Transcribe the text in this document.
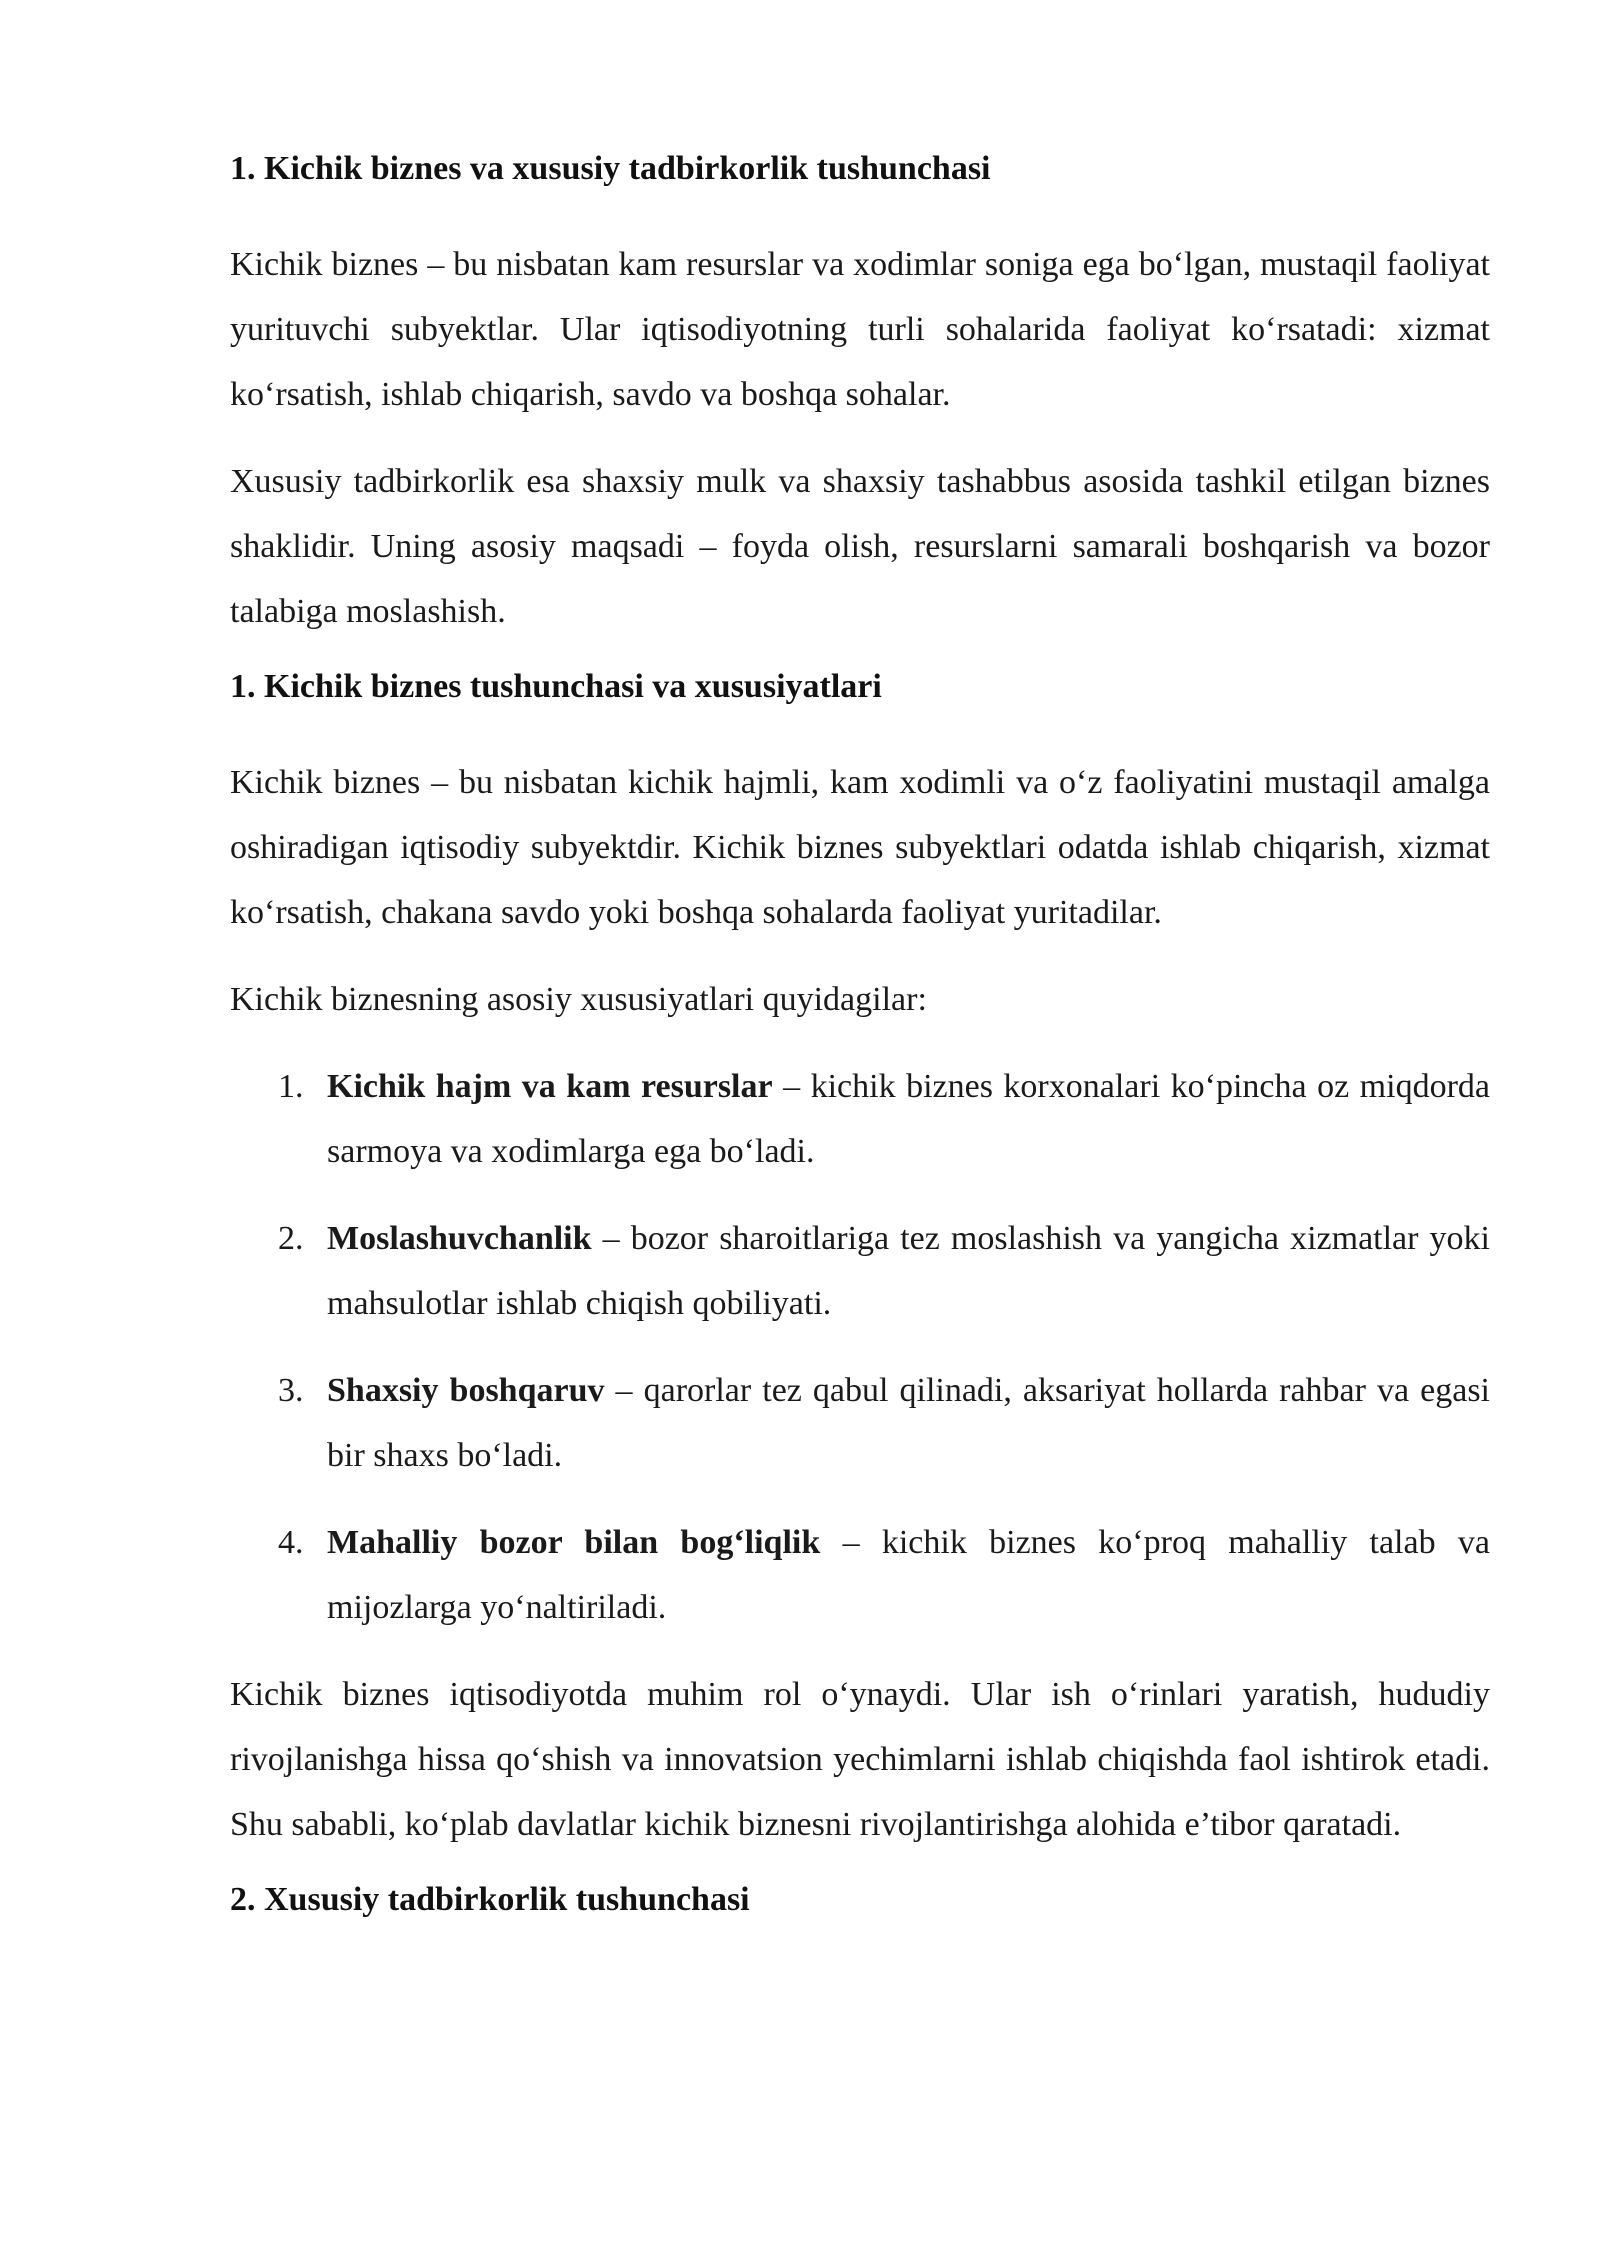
1. Kichik biznes va xususiy tadbirkorlik tushunchasi

Kichik biznes – bu nisbatan kam resurslar va xodimlar soniga ega bo‘lgan, mustaqil faoliyat yurituvchi subyektlar. Ular iqtisodiyotning turli sohalarida faoliyat ko‘rsatadi: xizmat ko‘rsatish, ishlab chiqarish, savdo va boshqa sohalar.

Xususiy tadbirkorlik esa shaxsiy mulk va shaxsiy tashabbus asosida tashkil etilgan biznes shaklidir. Uning asosiy maqsadi – foyda olish, resurslarni samarali boshqarish va bozor talabiga moslashish.

1. Kichik biznes tushunchasi va xususiyatlari

Kichik biznes – bu nisbatan kichik hajmli, kam xodimli va o‘z faoliyatini mustaqil amalga oshiradigan iqtisodiy subyektdir. Kichik biznes subyektlari odatda ishlab chiqarish, xizmat ko‘rsatish, chakana savdo yoki boshqa sohalarda faoliyat yuritadilar.

Kichik biznesning asosiy xususiyatlari quyidagilar:

1. Kichik hajm va kam resurslar – kichik biznes korxonalari ko‘pincha oz miqdorda sarmoya va xodimlarga ega bo‘ladi.
2. Moslashuvchanlik – bozor sharoitlariga tez moslashish va yangicha xizmatlar yoki mahsulotlar ishlab chiqish qobiliyati.
3. Shaxsiy boshqaruv – qarorlar tez qabul qilinadi, aksariyat hollarda rahbar va egasi bir shaxs bo‘ladi.
4. Mahalliy bozor bilan bog‘liqlik – kichik biznes ko‘proq mahalliy talab va mijozlarga yo‘naltiriladi.

Kichik biznes iqtisodiyotda muhim rol o‘ynaydi. Ular ish o‘rinlari yaratish, hududiy rivojlanishga hissa qo‘shish va innovatsion yechimlarni ishlab chiqishda faol ishtirok etadi. Shu sababli, ko‘plab davlatlar kichik biznesni rivojlantirishga alohida e’tibor qaratadi.

2. Xususiy tadbirkorlik tushunchasi
